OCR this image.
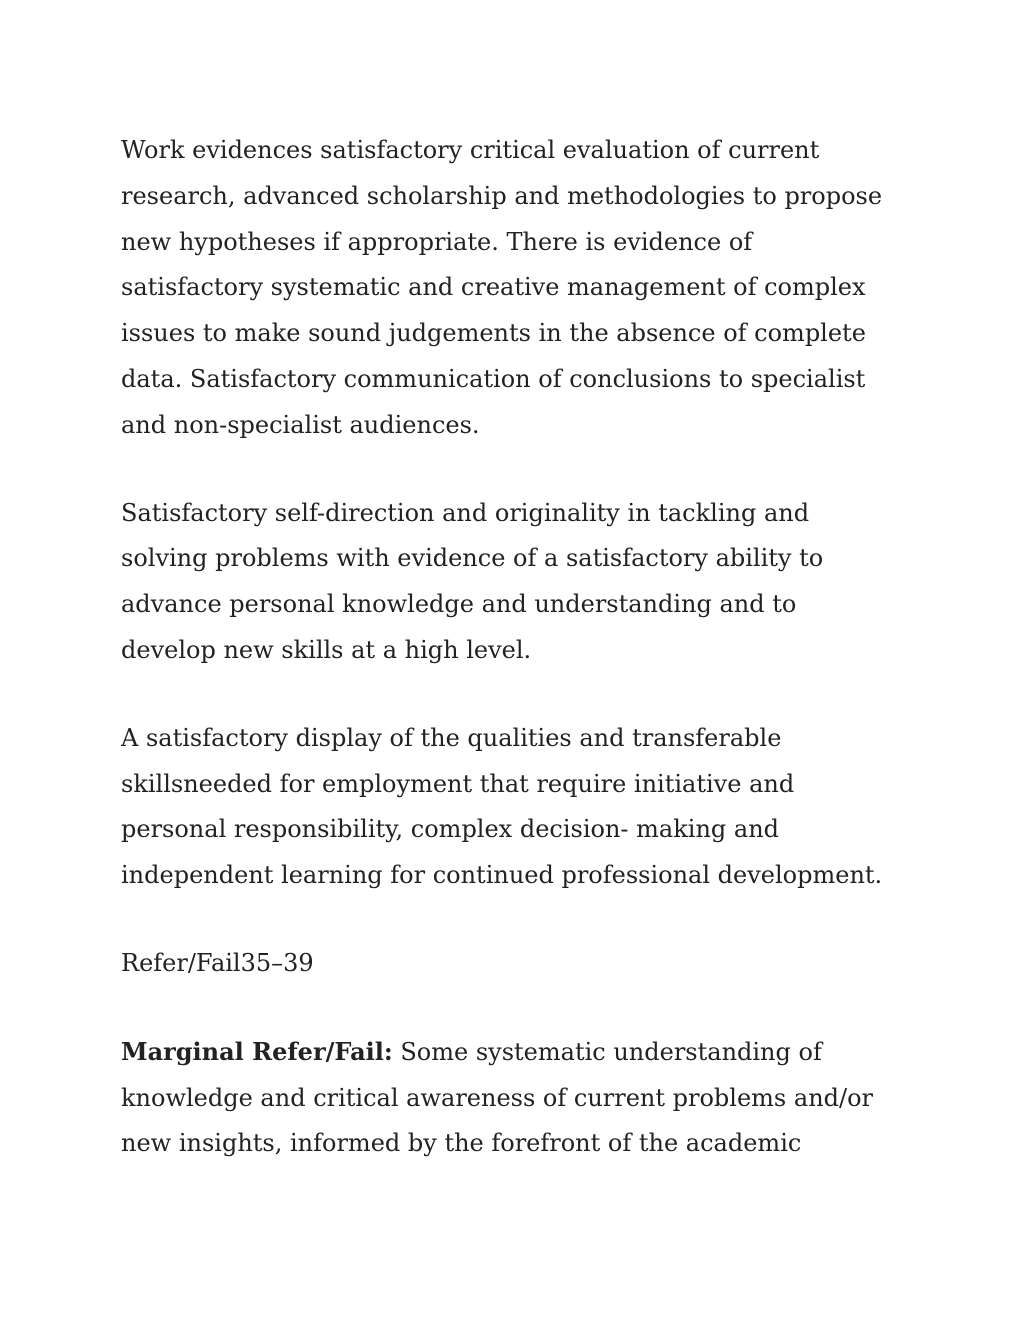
Work evidences satisfactory critical evaluation of current
research, advanced scholarship and methodologies to propose
new hypotheses if appropriate. There is evidence of
satisfactory systematic and creative management of complex
issues to make sound judgements in the absence of complete
data. Satisfactory communication of conclusions to specialist
and non-specialist audiences.

Satisfactory self-direction and originality in tackling and
solving problems with evidence of a satisfactory ability to
advance personal knowledge and understanding and to
develop new skills at a high level.

A satisfactory display of the qualities and transferable
skillsneeded for employment that require initiative and
personal responsibility, complex decision- making and
independent learning for continued professional development.

Refer/Fail35–39

Marginal Refer/Fail: Some systematic understanding of
knowledge and critical awareness of current problems and/or
new insights, informed by the forefront of the academic
